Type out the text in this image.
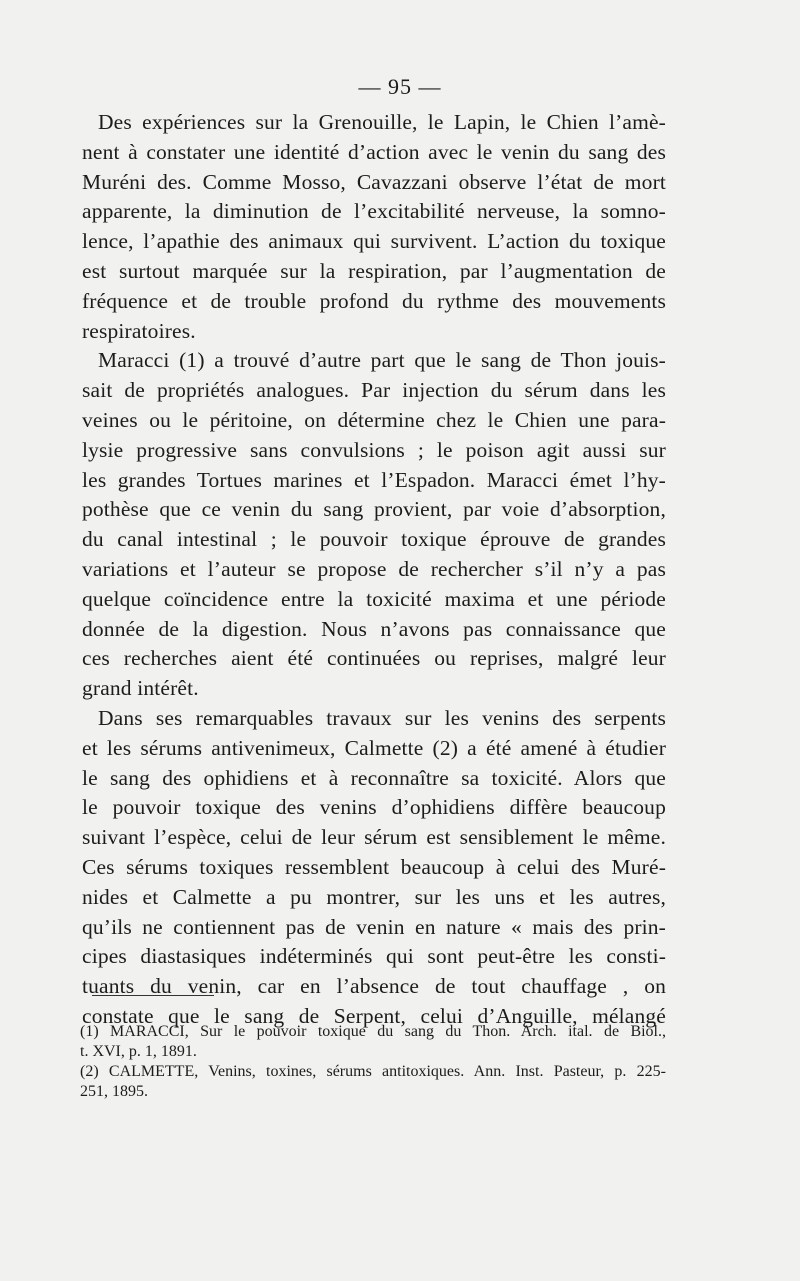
— 95 —
Des expériences sur la Grenouille, le Lapin, le Chien l’amè-
nent à constater une identité d’action avec le venin du sang des
Muréni des. Comme Mosso, Cavazzani observe l’état de mort
apparente, la diminution de l’excitabilité nerveuse, la somno-
lence, l’apathie des animaux qui survivent. L’action du toxique
est surtout marquée sur la respiration, par l’augmentation de
fréquence et de trouble profond du rythme des mouvements
respiratoires.
Maracci (1) a trouvé d’autre part que le sang de Thon jouis-
sait de propriétés analogues. Par injection du sérum dans les
veines ou le péritoine, on détermine chez le Chien une para-
lysie progressive sans convulsions ; le poison agit aussi sur
les grandes Tortues marines et l’Espadon. Maracci émet l’hy-
pothèse que ce venin du sang provient, par voie d’absorption,
du canal intestinal ; le pouvoir toxique éprouve de grandes
variations et l’auteur se propose de rechercher s’il n’y a pas
quelque coïncidence entre la toxicité maxima et une période
donnée de la digestion. Nous n’avons pas connaissance que
ces recherches aient été continuées ou reprises, malgré leur
grand intérêt.
Dans ses remarquables travaux sur les venins des serpents
et les sérums antivenimeux, Calmette (2) a été amené à étudier
le sang des ophidiens et à reconnaître sa toxicité. Alors que
le pouvoir toxique des venins d’ophidiens diffère beaucoup
suivant l’espèce, celui de leur sérum est sensiblement le même.
Ces sérums toxiques ressemblent beaucoup à celui des Muré-
nides et Calmette a pu montrer, sur les uns et les autres,
qu’ils ne contiennent pas de venin en nature « mais des prin-
cipes diastasiques indéterminés qui sont peut-être les consti-
tuants du venin, car en l’absence de tout chauffage , on
constate que le sang de Serpent, celui d’Anguille, mélangé
(1) MARACCI, Sur le pouvoir toxique du sang du Thon. Arch. ital. de Biol.,
t. XVI, p. 1, 1891.
(2) CALMETTE, Venins, toxines, sérums antitoxiques. Ann. Inst. Pasteur, p. 225-
251, 1895.
